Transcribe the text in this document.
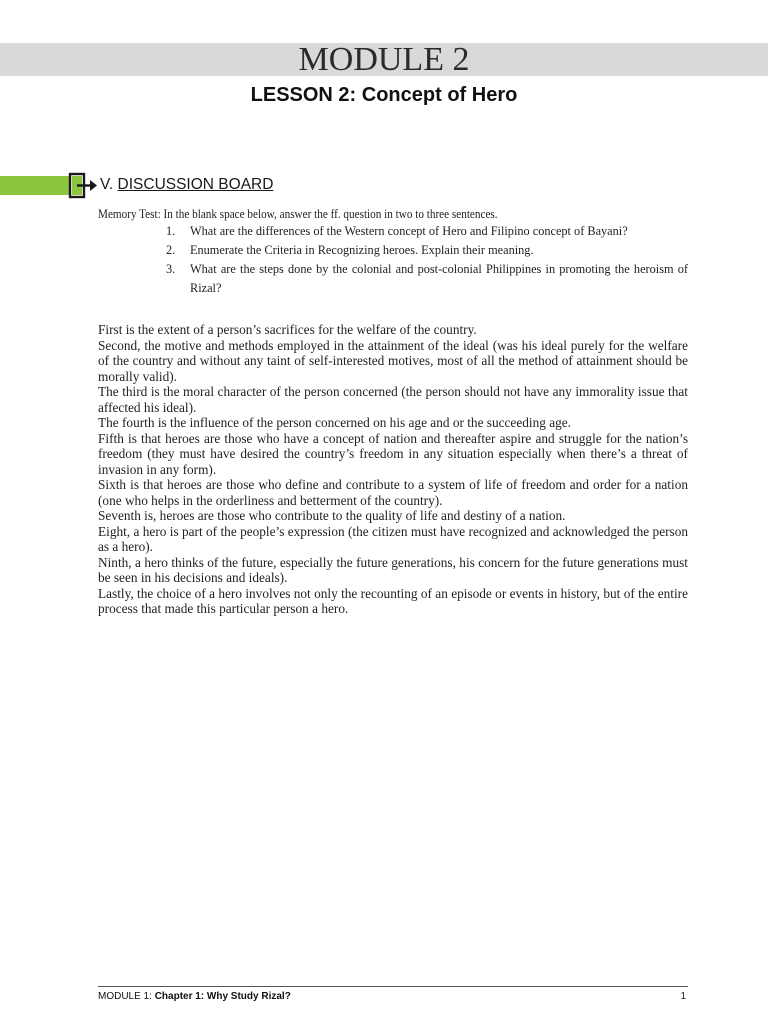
MODULE 2
LESSON 2: Concept of Hero
V. DISCUSSION BOARD
Memory Test: In the blank space below, answer the ff. question in two to three sentences.
1. What are the differences of the Western concept of Hero and Filipino concept of Bayani?
2. Enumerate the Criteria in Recognizing heroes. Explain their meaning.
3. What are the steps done by the colonial and post-colonial Philippines in promoting the heroism of Rizal?

First is the extent of a person’s sacrifices for the welfare of the country.

Second, the motive and methods employed in the attainment of the ideal (was his ideal purely for the welfare of the country and without any taint of self-interested motives, most of all the method of attainment should be morally valid).

The third is the moral character of the person concerned (the person should not have any immorality issue that affected his ideal).

The fourth is the influence of the person concerned on his age and or the succeeding age.

Fifth is that heroes are those who have a concept of nation and thereafter aspire and struggle for the nation’s freedom (they must have desired the country’s freedom in any situation especially when there’s a threat of invasion in any form).

Sixth is that heroes are those who define and contribute to a system of life of freedom and order for a nation (one who helps in the orderliness and betterment of the country).

Seventh is, heroes are those who contribute to the quality of life and destiny of a nation.

Eight, a hero is part of the people’s expression (the citizen must have recognized and acknowledged the person as a hero).

Ninth, a hero thinks of the future, especially the future generations, his concern for the future generations must be seen in his decisions and ideals).

Lastly, the choice of a hero involves not only the recounting of an episode or events in history, but of the entire process that made this particular person a hero.

MODULE 1: Chapter 1: Why Study Rizal?	1
